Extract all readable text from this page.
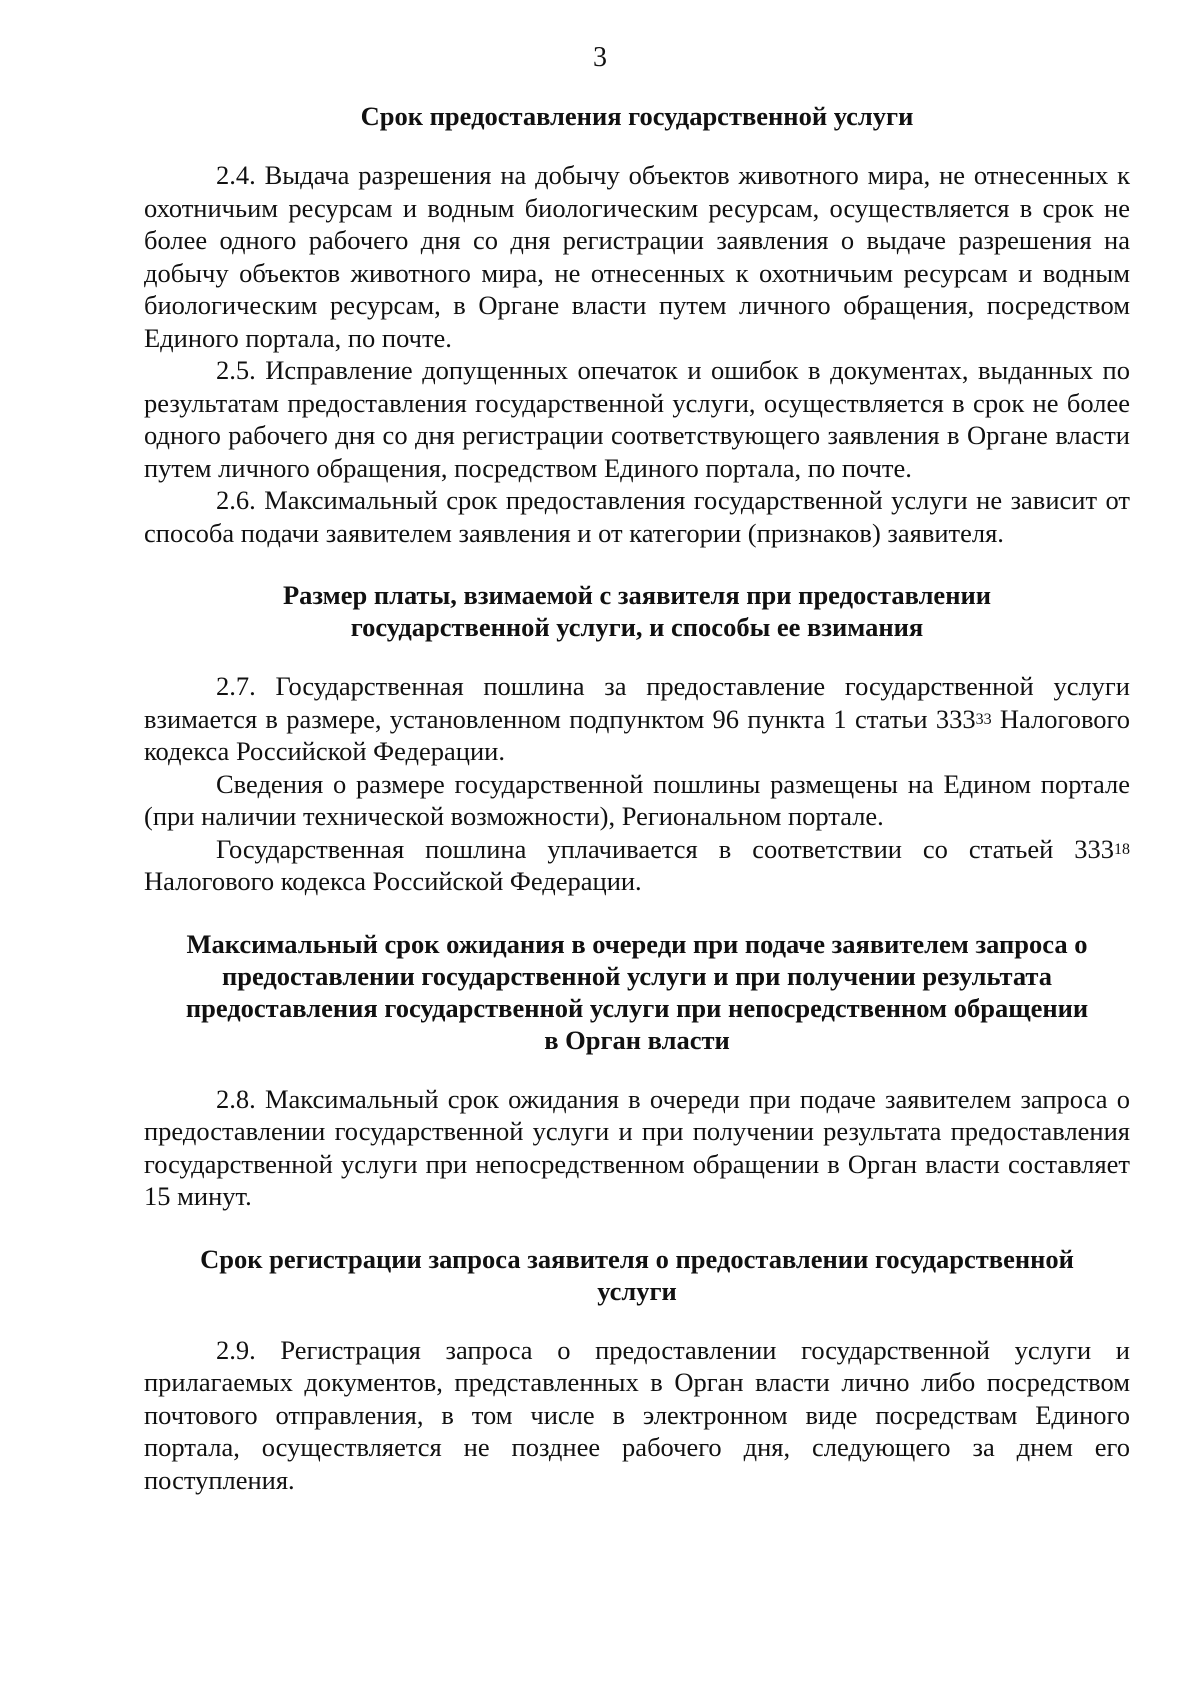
3

Срок предоставления государственной услуги

2.4. Выдача разрешения на добычу объектов животного мира, не отнесенных к охотничьим ресурсам и водным биологическим ресурсам, осуществляется в срок не более одного рабочего дня со дня регистрации заявления о выдаче разрешения на добычу объектов животного мира, не отнесенных к охотничьим ресурсам и водным биологическим ресурсам, в Органе власти путем личного обращения, посредством Единого портала, по почте.

2.5. Исправление допущенных опечаток и ошибок в документах, выданных по результатам предоставления государственной услуги, осуществляется в срок не более одного рабочего дня со дня регистрации соответствующего заявления в Органе власти путем личного обращения, посредством Единого портала, по почте.

2.6. Максимальный срок предоставления государственной услуги не зависит от способа подачи заявителем заявления и от категории (признаков) заявителя.

Размер платы, взимаемой с заявителя при предоставлении
государственной услуги, и способы ее взимания

2.7. Государственная пошлина за предоставление государственной услуги взимается в размере, установленном подпунктом 96 пункта 1 статьи $333^{33}$ Налогового кодекса Российской Федерации.

Сведения о размере государственной пошлины размещены на Едином портале (при наличии технической возможности), Региональном портале.

Государственная пошлина уплачивается в соответствии со статьей $333^{18}$ Налогового кодекса Российской Федерации.

Максимальный срок ожидания в очереди при подаче заявителем запроса о
предоставлении государственной услуги и при получении результата
предоставления государственной услуги при непосредственном обращении
в Орган власти

2.8. Максимальный срок ожидания в очереди при подаче заявителем запроса о предоставлении государственной услуги и при получении результата предоставления государственной услуги при непосредственном обращении в Орган власти составляет 15 минут.

Срок регистрации запроса заявителя о предоставлении государственной
услуги

2.9. Регистрация запроса о предоставлении государственной услуги и прилагаемых документов, представленных в Орган власти лично либо посредством почтового отправления, в том числе в электронном виде посредствам Единого портала, осуществляется не позднее рабочего дня, следующего за днем его поступления.
